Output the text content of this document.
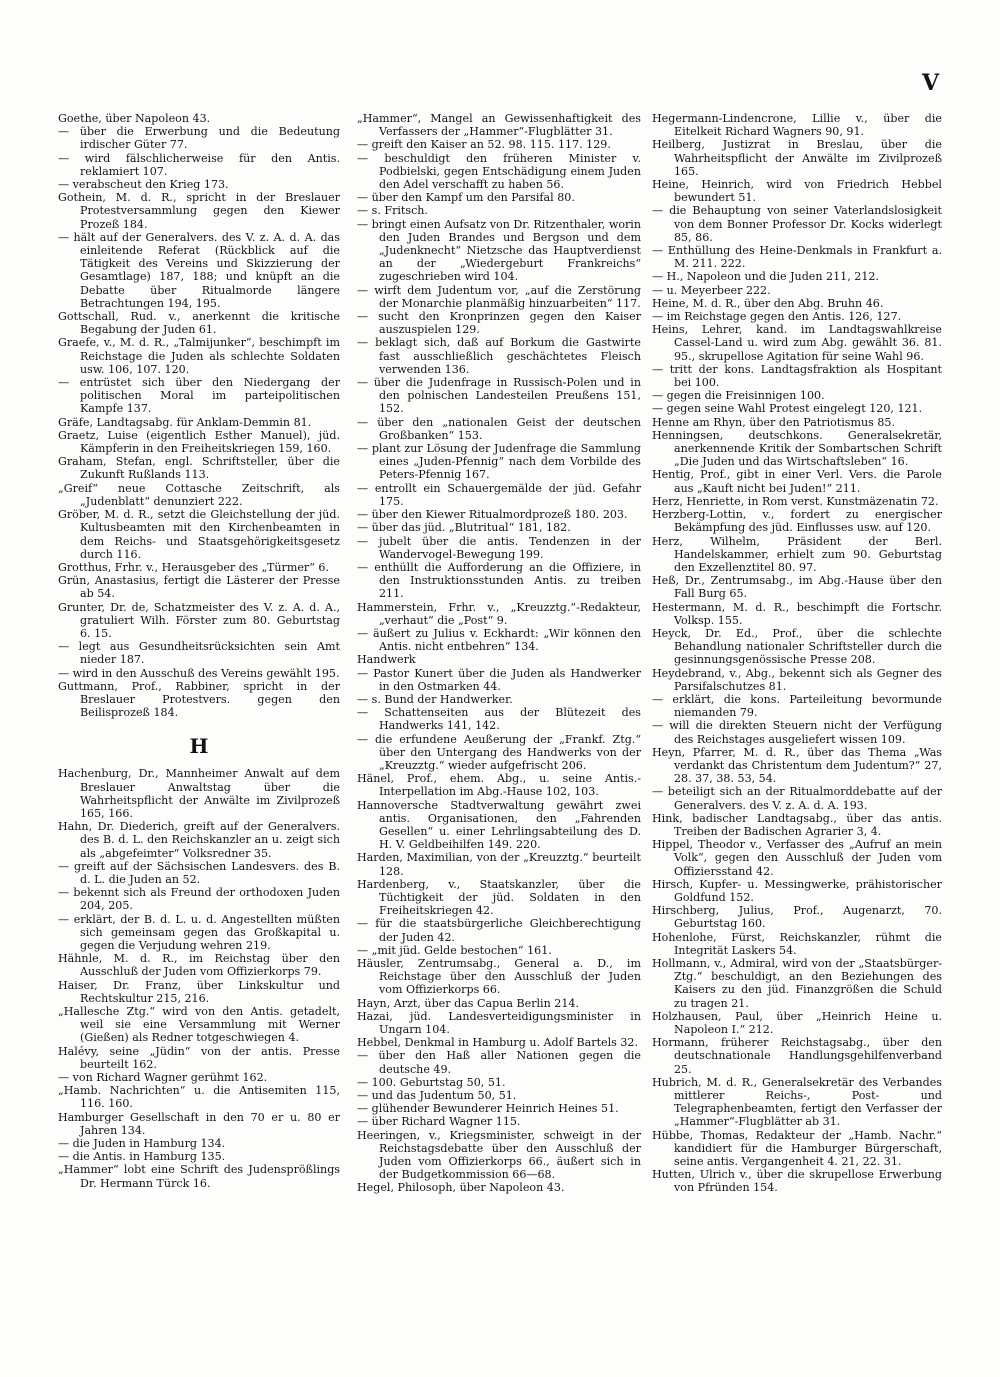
V

Goethe, über Napoleon 43.

— über die Erwerbung und die Bedeutung irdischer Güter 77.

— wird fälschlicherweise für den Antis. reklamiert 107.

— verabscheut den Krieg 173.

Gothein, M. d. R., spricht in der Breslauer Protestversammlung gegen den Kiewer Prozeß 184.

— hält auf der Generalvers. des V. z. A. d. A. das einleitende Referat (Rückblick auf die Tätigkeit des Vereins und Skizzierung der Gesamtlage) 187, 188; und knüpft an die Debatte über Ritualmorde längere Betrachtungen 194, 195.

Gottschall, Rud. v., anerkennt die kritische Begabung der Juden 61.

Graefe, v., M. d. R., „Talmijunker“, beschimpft im Reichstage die Juden als schlechte Soldaten usw. 106, 107. 120.

— entrüstet sich über den Niedergang der politischen Moral im parteipolitischen Kampfe 137.

Gräfe, Landtagsabg. für Anklam-Demmin 81.

Graetz, Luise (eigentlich Esther Manuel), jüd. Kämpferin in den Freiheitskriegen 159, 160.

Graham, Stefan, engl. Schriftsteller, über die Zukunft Rußlands 113.

„Greif“ neue Cottasche Zeitschrift, als „Judenblatt“ denunziert 222.

Gröber, M. d. R., setzt die Gleichstellung der jüd. Kultusbeamten mit den Kirchenbeamten in dem Reichs- und Staatsgehörigkeitsgesetz durch 116.

Grotthus, Frhr. v., Herausgeber des „Türmer“ 6.

Grün, Anastasius, fertigt die Lästerer der Presse ab 54.

Grunter, Dr. de, Schatzmeister des V. z. A. d. A., gratuliert Wilh. Förster zum 80. Geburtstag 6. 15.

— legt aus Gesundheitsrücksichten sein Amt nieder 187.

— wird in den Ausschuß des Vereins gewählt 195.

Guttmann, Prof., Rabbiner, spricht in der Breslauer Protestvers. gegen den Beilisprozeß 184.

H

Hachenburg, Dr., Mannheimer Anwalt auf dem Breslauer Anwaltstag über die Wahrheitspflicht der Anwälte im Zivilprozeß 165, 166.

Hahn, Dr. Diederich, greift auf der Generalvers. des B. d. L. den Reichskanzler an u. zeigt sich als „abgefeimter“ Volksredner 35.

— greift auf der Sächsischen Landesvers. des B. d. L. die Juden an 52.

— bekennt sich als Freund der orthodoxen Juden 204, 205.

— erklärt, der B. d. L. u. d. Angestellten müßten sich gemeinsam gegen das Großkapital u. gegen die Verjudung wehren 219.

Hähnle, M. d. R., im Reichstag über den Ausschluß der Juden vom Offizierkorps 79.

Haiser, Dr. Franz, über Linkskultur und Rechtskultur 215, 216.

„Hallesche Ztg.“ wird von den Antis. getadelt, weil sie eine Versammlung mit Werner (Gießen) als Redner totgeschwiegen 4.

Halévy, seine „Jüdin“ von der antis. Presse beurteilt 162.

— von Richard Wagner gerühmt 162.

„Hamb. Nachrichten“ u. die Antisemiten 115, 116. 160.

Hamburger Gesellschaft in den 70 er u. 80 er Jahren 134.

— die Juden in Hamburg 134.

— die Antis. in Hamburg 135.

„Hammer“ lobt eine Schrift des Judensprößlings Dr. Hermann Türck 16.

„Hammer“, Mangel an Gewissenhaftigkeit des Verfassers der „Hammer“-Flugblätter 31.

— greift den Kaiser an 52. 98. 115. 117. 129.

— beschuldigt den früheren Minister v. Podbielski, gegen Entschädigung einem Juden den Adel verschafft zu haben 56.

— über den Kampf um den Parsifal 80.

— s. Fritsch.

— bringt einen Aufsatz von Dr. Ritzenthaler, worin den Juden Brandes und Bergson und dem „Judenknecht“ Nietzsche das Hauptverdienst an der „Wiedergeburt Frankreichs“ zugeschrieben wird 104.

— wirft dem Judentum vor, „auf die Zerstörung der Monarchie planmäßig hinzuarbeiten“ 117.

— sucht den Kronprinzen gegen den Kaiser auszuspielen 129.

— beklagt sich, daß auf Borkum die Gastwirte fast ausschließlich geschächtetes Fleisch verwenden 136.

— über die Judenfrage in Russisch-Polen und in den polnischen Landesteilen Preußens 151, 152.

— über den „nationalen Geist der deutschen Großbanken“ 153.

— plant zur Lösung der Judenfrage die Sammlung eines „Juden-Pfennig“ nach dem Vorbilde des Peters-Pfennig 167.

— entrollt ein Schauergemälde der jüd. Gefahr 175.

— über den Kiewer Ritualmordprozeß 180. 203.

— über das jüd. „Blutritual“ 181, 182.

— jubelt über die antis. Tendenzen in der Wandervogel-Bewegung 199.

— enthüllt die Aufforderung an die Offiziere, in den Instruktionsstunden Antis. zu treiben 211.

Hammerstein, Frhr. v., „Kreuzztg.“-Redakteur, „verhaut“ die „Post“ 9.

— äußert zu Julius v. Eckhardt: „Wir können den Antis. nicht entbehren“ 134.

Handwerk

— Pastor Kunert über die Juden als Handwerker in den Ostmarken 44.

— s. Bund der Handwerker.

— Schattenseiten aus der Blütezeit des Handwerks 141, 142.

— die erfundene Aeußerung der „Frankf. Ztg.“ über den Untergang des Handwerks von der „Kreuzztg.“ wieder aufgefrischt 206.

Hänel, Prof., ehem. Abg., u. seine Antis.-Interpellation im Abg.-Hause 102, 103.

Hannoversche Stadtverwaltung gewährt zwei antis. Organisationen, den „Fahrenden Gesellen“ u. einer Lehrlingsabteilung des D. H. V. Geldbeihilfen 149. 220.

Harden, Maximilian, von der „Kreuzztg.“ beurteilt 128.

Hardenberg, v., Staatskanzler, über die Tüchtigkeit der jüd. Soldaten in den Freiheitskriegen 42.

— für die staatsbürgerliche Gleichberechtigung der Juden 42.

— „mit jüd. Gelde bestochen“ 161.

Häusler, Zentrumsabg., General a. D., im Reichstage über den Ausschluß der Juden vom Offizierkorps 66.

Hayn, Arzt, über das Capua Berlin 214.

Hazai, jüd. Landesverteidigungsminister in Ungarn 104.

Hebbel, Denkmal in Hamburg u. Adolf Bartels 32.

— über den Haß aller Nationen gegen die deutsche 49.

— 100. Geburtstag 50, 51.

— und das Judentum 50, 51.

— glühender Bewunderer Heinrich Heines 51.

— über Richard Wagner 115.

Heeringen, v., Kriegsminister, schweigt in der Reichstagsdebatte über den Ausschluß der Juden vom Offizierkorps 66., äußert sich in der Budgetkommission 66—68.

Hegel, Philosoph, über Napoleon 43.

Hegermann-Lindencrone, Lillie v., über die Eitelkeit Richard Wagners 90, 91.

Heilberg, Justizrat in Breslau, über die Wahrheitspflicht der Anwälte im Zivilprozeß 165.

Heine, Heinrich, wird von Friedrich Hebbel bewundert 51.

— die Behauptung von seiner Vaterlandslosigkeit von dem Bonner Professor Dr. Kocks widerlegt 85, 86.

— Enthüllung des Heine-Denkmals in Frankfurt a. M. 211. 222.

— H., Napoleon und die Juden 211, 212.

— u. Meyerbeer 222.

Heine, M. d. R., über den Abg. Bruhn 46.

— im Reichstage gegen den Antis. 126, 127.

Heins, Lehrer, kand. im Landtagswahlkreise Cassel-Land u. wird zum Abg. gewählt 36. 81. 95., skrupellose Agitation für seine Wahl 96.

— tritt der kons. Landtagsfraktion als Hospitant bei 100.

— gegen die Freisinnigen 100.

— gegen seine Wahl Protest eingelegt 120, 121.

Henne am Rhyn, über den Patriotismus 85.

Henningsen, deutschkons. Generalsekretär, anerkennende Kritik der Sombartschen Schrift „Die Juden und das Wirtschaftsleben“ 16.

Hentig, Prof., gibt in einer Verl. Vers. die Parole aus „Kauft nicht bei Juden!“ 211.

Herz, Henriette, in Rom verst. Kunstmäzenatin 72.

Herzberg-Lottin, v., fordert zu energischer Bekämpfung des jüd. Einflusses usw. auf 120.

Herz, Wilhelm, Präsident der Berl. Handelskammer, erhielt zum 90. Geburtstag den Exzellenztitel 80. 97.

Heß, Dr., Zentrumsabg., im Abg.-Hause über den Fall Burg 65.

Hestermann, M. d. R., beschimpft die Fortschr. Volksp. 155.

Heyck, Dr. Ed., Prof., über die schlechte Behandlung nationaler Schriftsteller durch die gesinnungsgenössische Presse 208.

Heydebrand, v., Abg., bekennt sich als Gegner des Parsifalschutzes 81.

— erklärt, die kons. Parteileitung bevormunde niemanden 79.

— will die direkten Steuern nicht der Verfügung des Reichstages ausgeliefert wissen 109.

Heyn, Pfarrer, M. d. R., über das Thema „Was verdankt das Christentum dem Judentum?“ 27, 28. 37, 38. 53, 54.

— beteiligt sich an der Ritualmorddebatte auf der Generalvers. des V. z. A. d. A. 193.

Hink, badischer Landtagsabg., über das antis. Treiben der Badischen Agrarier 3, 4.

Hippel, Theodor v., Verfasser des „Aufruf an mein Volk“, gegen den Ausschluß der Juden vom Offiziersstand 42.

Hirsch, Kupfer- u. Messingwerke, prähistorischer Goldfund 152.

Hirschberg, Julius, Prof., Augenarzt, 70. Geburtstag 160.

Hohenlohe, Fürst, Reichskanzler, rühmt die Integrität Laskers 54.

Hollmann, v., Admiral, wird von der „Staatsbürger-Ztg.“ beschuldigt, an den Beziehungen des Kaisers zu den jüd. Finanzgrößen die Schuld zu tragen 21.

Holzhausen, Paul, über „Heinrich Heine u. Napoleon I.“ 212.

Hormann, früherer Reichstagsabg., über den deutschnationale Handlungsgehilfenverband 25.

Hubrich, M. d. R., Generalsekretär des Verbandes mittlerer Reichs-, Post- und Telegraphenbeamten, fertigt den Verfasser der „Hammer“-Flugblätter ab 31.

Hübbe, Thomas, Redakteur der „Hamb. Nachr.“ kandidiert für die Hamburger Bürgerschaft, seine antis. Vergangenheit 4. 21, 22. 31.

Hutten, Ulrich v., über die skrupellose Erwerbung von Pfründen 154.
